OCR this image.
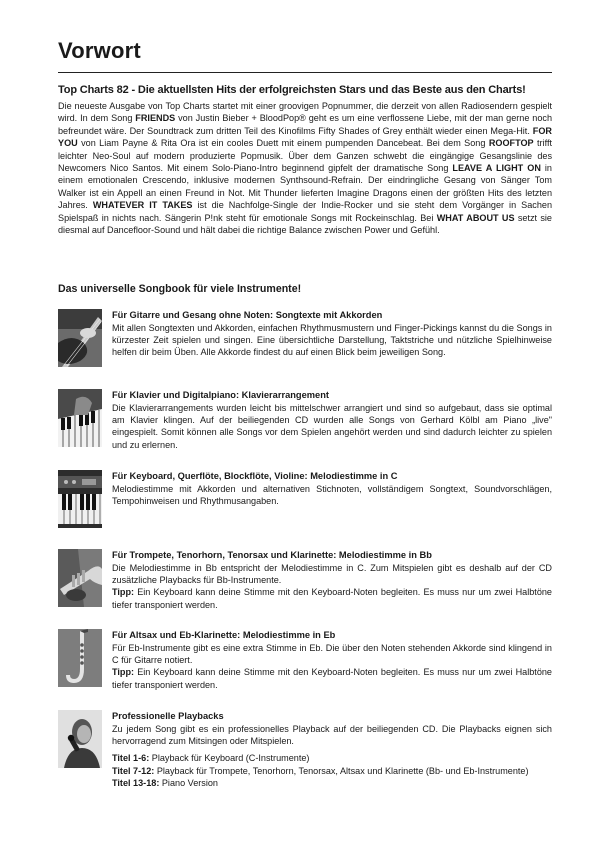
Vorwort
Top Charts 82 - Die aktuellsten Hits der erfolgreichsten Stars und das Beste aus den Charts!

Die neueste Ausgabe von Top Charts startet mit einer groovigen Popnummer, die derzeit von allen Radiosendern gespielt wird. In dem Song FRIENDS von Justin Bieber + BloodPop® geht es um eine verflossene Liebe, mit der man gerne noch befreundet wäre. Der Soundtrack zum dritten Teil des Kinofilms Fifty Shades of Grey enthält wieder einen Mega-Hit. FOR YOU von Liam Payne & Rita Ora ist ein cooles Duett mit einem pumpenden Dancebeat. Bei dem Song ROOFTOP trifft leichter Neo-Soul auf modern produzierte Popmusik. Über dem Ganzen schwebt die eingängige Gesangslinie des Newcomers Nico Santos. Mit einem Solo-Piano-Intro beginnend gipfelt der dramatische Song LEAVE A LIGHT ON in einem emotionalen Crescendo, inklusive modernen Synthsound-Refrain. Der eindringliche Gesang von Sänger Tom Walker ist ein Appell an einen Freund in Not. Mit Thunder lieferten Imagine Dragons einen der größten Hits des letzten Jahres. WHATEVER IT TAKES ist die Nachfolge-Single der Indie-Rocker und sie steht dem Vorgänger in Sachen Spielspaß in nichts nach. Sängerin P!nk steht für emotionale Songs mit Rockeinschlag. Bei WHAT ABOUT US setzt sie diesmal auf Dancefloor-Sound und hält dabei die richtige Balance zwischen Power und Gefühl.

Das universelle Songbook für viele Instrumente!
Für Gitarre und Gesang ohne Noten: Songtexte mit Akkorden

Mit allen Songtexten und Akkorden, einfachen Rhythmusmustern und Finger-Pickings kannst du die Songs in kürzester Zeit spielen und singen. Eine übersichtliche Darstellung, Taktstriche und nützliche Spielhinweise helfen dir beim Üben. Alle Akkorde findest du auf einen Blick beim jeweiligen Song.

Für Klavier und Digitalpiano: Klavierarrangement

Die Klavierarrangements wurden leicht bis mittelschwer arrangiert und sind so aufgebaut, dass sie optimal am Klavier klingen. Auf der beiliegenden CD wurden alle Songs von Gerhard Kölbl am Piano „live" eingespielt. Somit können alle Songs vor dem Spielen angehört werden und sind dadurch leichter zu spielen und zu erlernen.

Für Keyboard, Querflöte, Blockflöte, Violine: Melodiestimme in C

Melodiestimme mit Akkorden und alternativen Stichnoten, vollständigem Songtext, Soundvorschlägen, Tempohinweisen und Rhythmusangaben.

Für Trompete, Tenorhorn, Tenorsax und Klarinette: Melodiestimme in Bb

Die Melodiestimme in Bb entspricht der Melodiestimme in C. Zum Mitspielen gibt es deshalb auf der CD zusätzliche Playbacks für Bb-Instrumente.
Tipp: Ein Keyboard kann deine Stimme mit den Keyboard-Noten begleiten. Es muss nur um zwei Halbtöne tiefer transponiert werden.

Für Altsax und Eb-Klarinette: Melodiestimme in Eb

Für Eb-Instrumente gibt es eine extra Stimme in Eb. Die über den Noten stehenden Akkorde sind klingend in C für Gitarre notiert.
Tipp: Ein Keyboard kann deine Stimme mit den Keyboard-Noten begleiten. Es muss nur um zwei Halbtöne tiefer transponiert werden.

Professionelle Playbacks

Zu jedem Song gibt es ein professionelles Playback auf der beiliegenden CD. Die Playbacks eignen sich hervorragend zum Mitsingen oder Mitspielen.

Titel 1-6: Playback für Keyboard (C-Instrumente)
Titel 7-12: Playback für Trompete, Tenorhorn, Tenorsax, Altsax und Klarinette (Bb- und Eb-Instrumente)
Titel 13-18: Piano Version
